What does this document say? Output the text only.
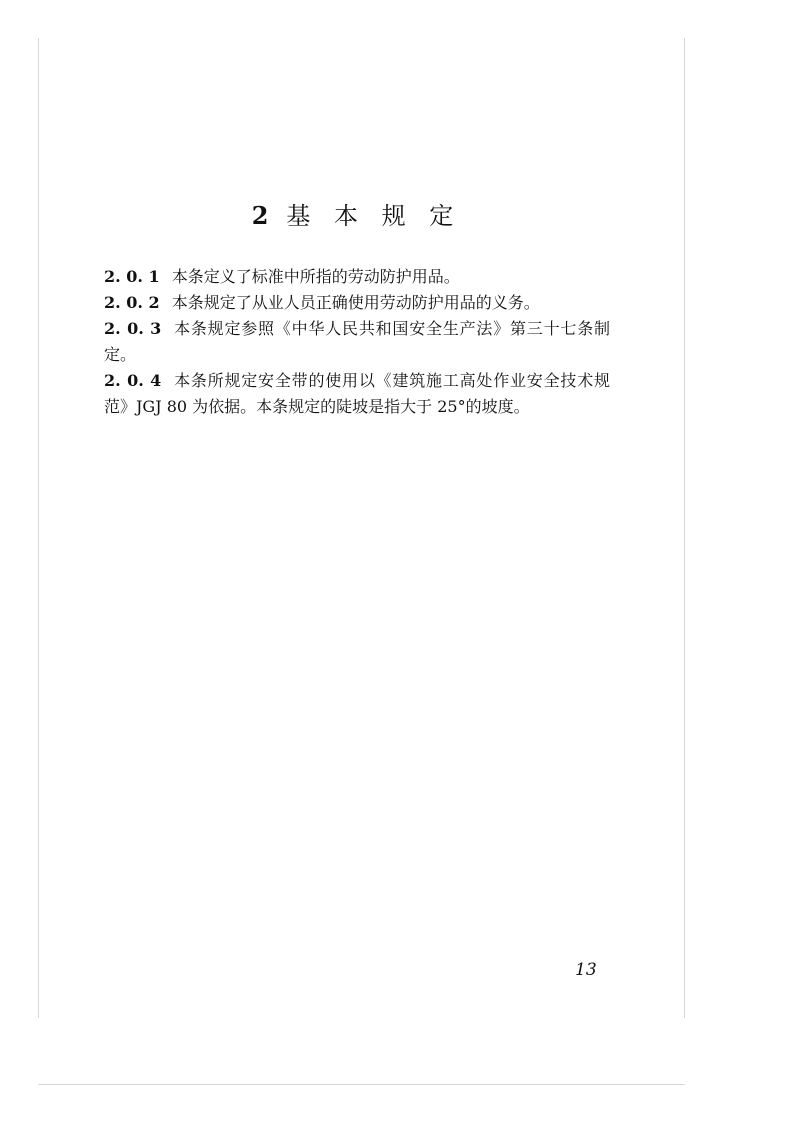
2 基 本 规 定

2. 0. 1 本条定义了标准中所指的劳动防护用品。

2. 0. 2 本条规定了从业人员正确使用劳动防护用品的义务。

2. 0. 3 本条规定参照《中华人民共和国安全生产法》第三十七条制定。

2. 0. 4 本条所规定安全带的使用以《建筑施工高处作业安全技术规范》JGJ 80 为依据。本条规定的陡坡是指大于 25°的坡度。

13
